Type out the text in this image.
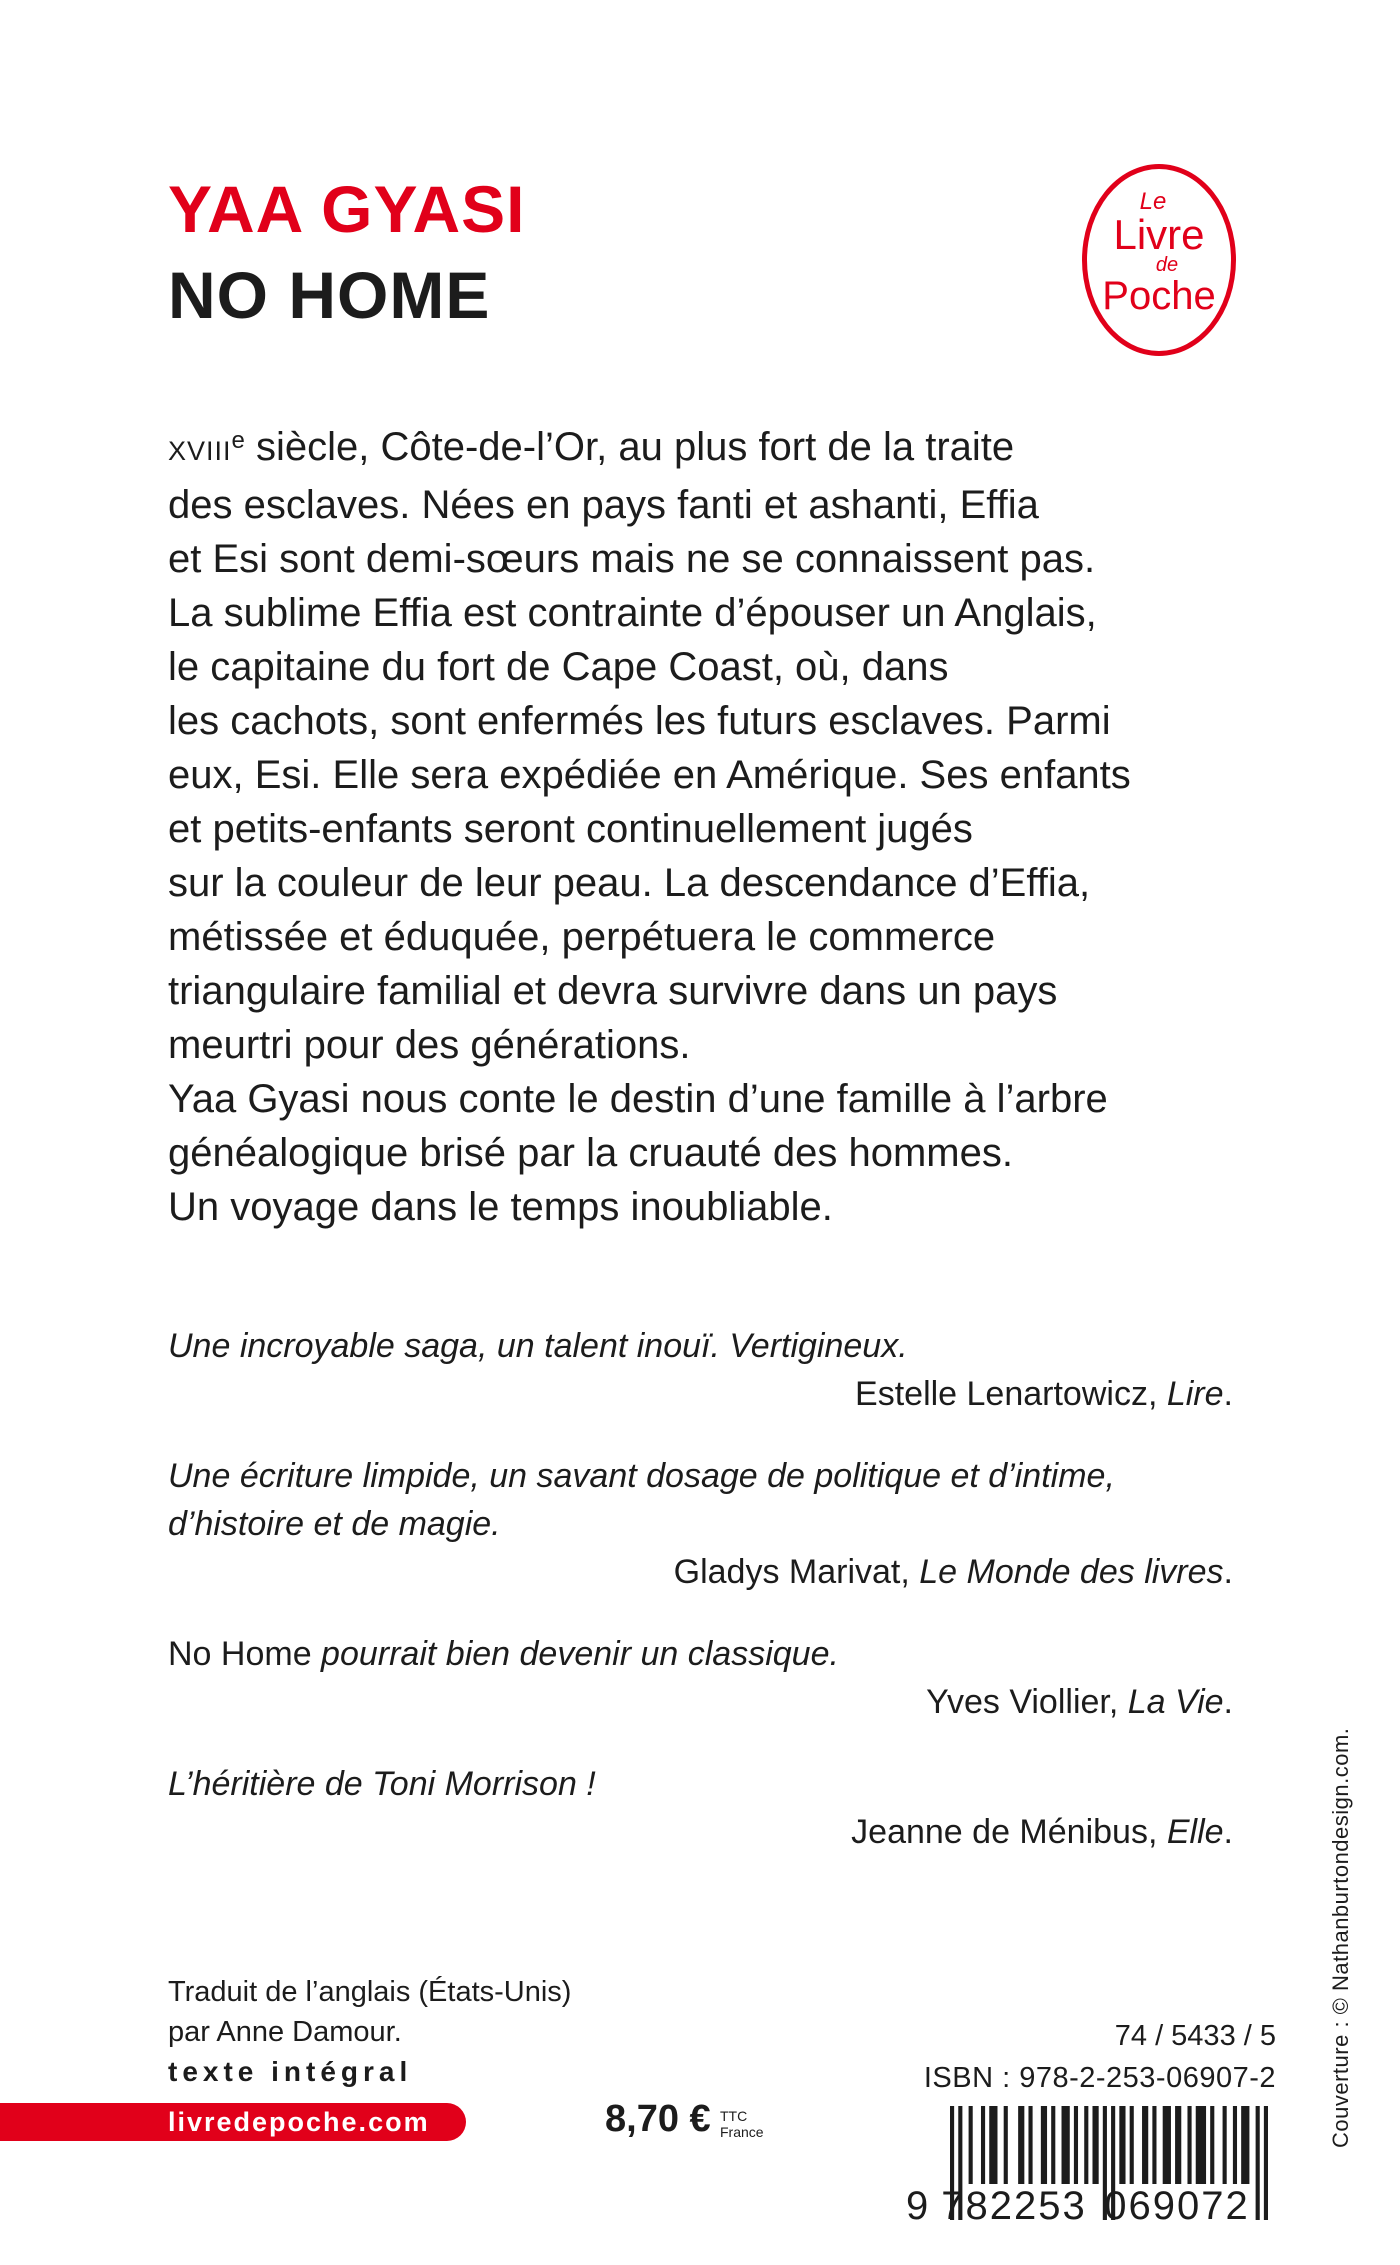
YAA GYASI
NO HOME
Le
Livre
de
Poche
XVIIIe siècle, Côte-de-l’Or, au plus fort de la traite
des esclaves. Nées en pays fanti et ashanti, Effia
et Esi sont demi-sœurs mais ne se connaissent pas.
La sublime Effia est contrainte d’épouser un Anglais,
le capitaine du fort de Cape Coast, où, dans
les cachots, sont enfermés les futurs esclaves. Parmi
eux, Esi. Elle sera expédiée en Amérique. Ses enfants
et petits-enfants seront continuellement jugés
sur la couleur de leur peau. La descendance d’Effia,
métissée et éduquée, perpétuera le commerce
triangulaire familial et devra survivre dans un pays
meurtri pour des générations.
Yaa Gyasi nous conte le destin d’une famille à l’arbre
généalogique brisé par la cruauté des hommes.
Un voyage dans le temps inoubliable.
Une incroyable saga, un talent inouï. Vertigineux.
Estelle Lenartowicz, Lire.
Une écriture limpide, un savant dosage de politique et d’intime,
d’histoire et de magie.
Gladys Marivat, Le Monde des livres.
No Home pourrait bien devenir un classique.
Yves Viollier, La Vie.
L’héritière de Toni Morrison !
Jeanne de Ménibus, Elle.
Traduit de l’anglais (États-Unis)
par Anne Damour.
texte intégral
livredepoche.com	8,70 € TTC
France
74 / 5433 / 5
ISBN : 978-2-253-06907-2
9 782253 069072
Couverture : © Nathanburtondesign.com.
